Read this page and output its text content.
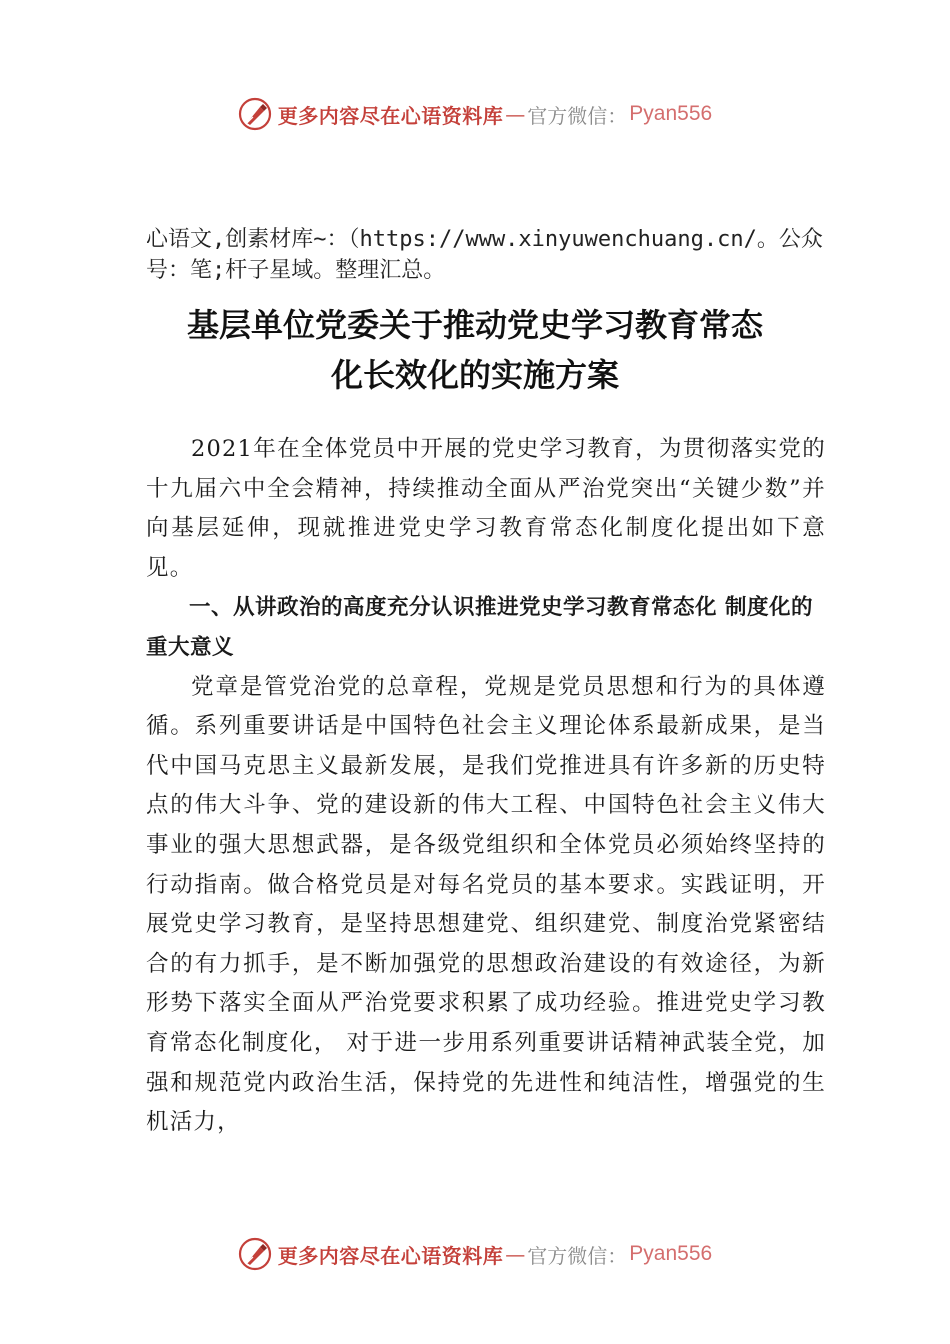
更多内容尽在心语资料库 — 官方微信： Pyan556
心语文,创素材库~：（https://www.xinyuwenchuang.cn/。公众号：笔;杆子星域。整理汇总。
基层单位党委关于推动党史学习教育常态
化长效化的实施方案

2021年在全体党员中开展的党史学习教育，为贯彻落实党的十九届六中全会精神，持续推动全面从严治党突出“关键少数”并向基层延伸，现就推进党史学习教育常态化制度化提出如下意见。

一、从讲政治的高度充分认识推进党史学习教育常态化 制度化的重大意义

党章是管党治党的总章程，党规是党员思想和行为的具体遵循。系列重要讲话是中国特色社会主义理论体系最新成果，是当代中国马克思主义最新发展，是我们党推进具有许多新的历史特点的伟大斗争、党的建设新的伟大工程、中国特色社会主义伟大事业的强大思想武器，是各级党组织和全体党员必须始终坚持的行动指南。做合格党员是对每名党员的基本要求。实践证明，开展党史学习教育，是坚持思想建党、组织建党、制度治党紧密结合的有力抓手，是不断加强党的思想政治建设的有效途径，为新形势下落实全面从严治党要求积累了成功经验。推进党史学习教育常态化制度化， 对于进一步用系列重要讲话精神武装全党，加强和规范党内政治生活，保持党的先进性和纯洁性，增强党的生机活力，

更多内容尽在心语资料库 — 官方微信： Pyan556
